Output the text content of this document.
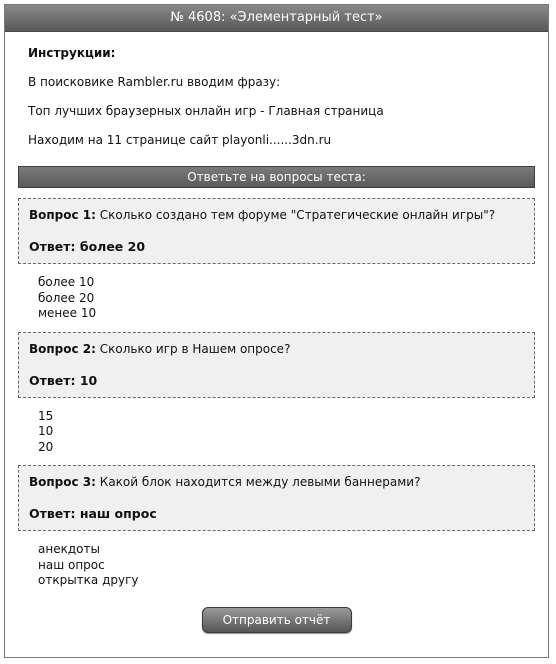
№ 4608: «Элементарный тест»
Инструкции:
В поисковике Rambler.ru вводим фразу:
Топ лучших браузерных онлайн игр - Главная страница
Находим на 11 странице сайт playonli......3dn.ru
Ответьте на вопросы теста:
Вопрос 1: Сколько создано тем форуме "Стратегические онлайн игры"?
Ответ: более 20
более 10
более 20
менее 10
Вопрос 2: Сколько игр в Нашем опросе?
Ответ: 10
15
10
20
Вопрос 3: Какой блок находится между левыми баннерами?
Ответ: наш опрос
анекдоты
наш опрос
открытка другу
Отправить отчёт
